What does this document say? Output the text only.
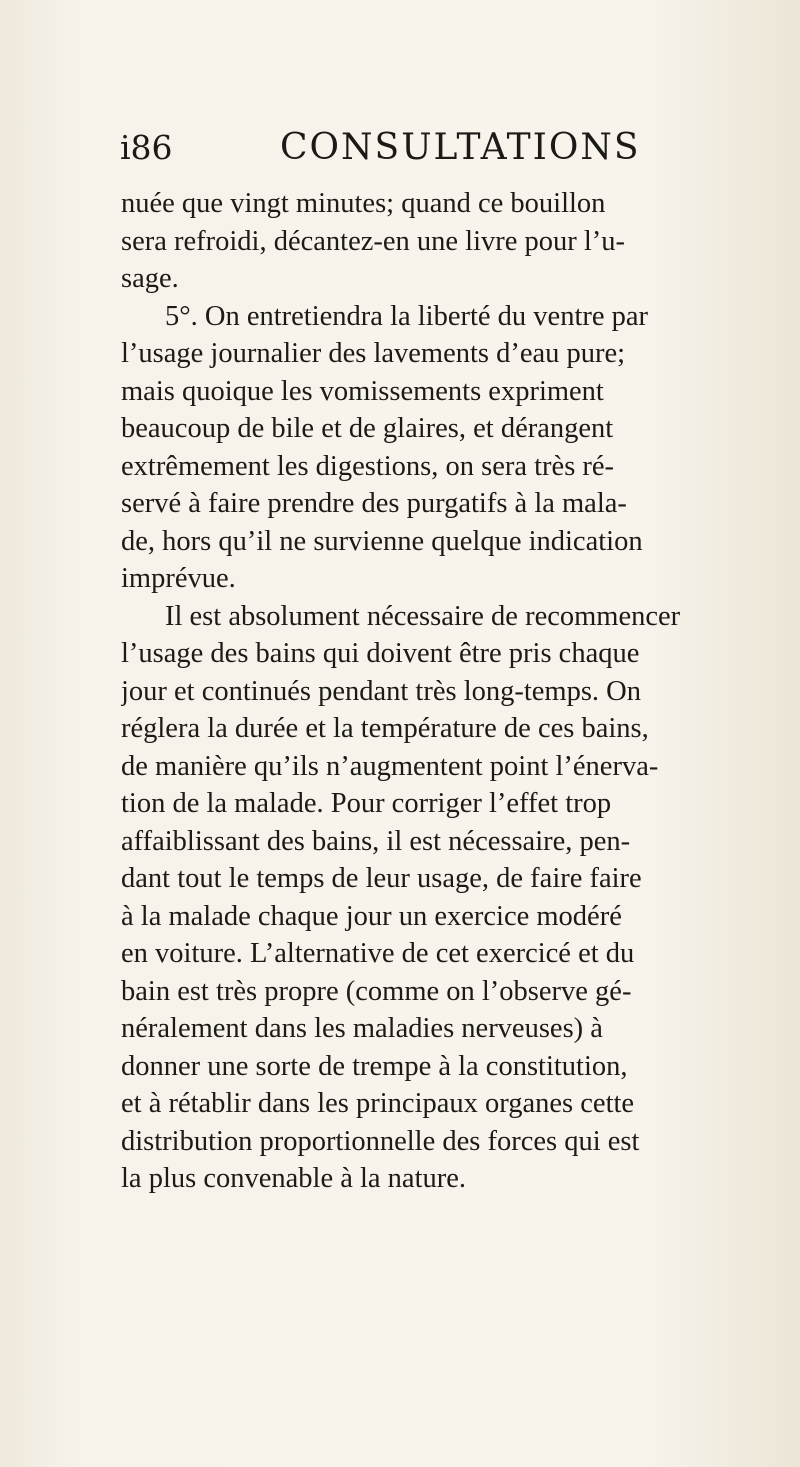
i86	CONSULTATIONS
nuée que vingt minutes; quand ce bouillon
sera refroidi, décantez-en une livre pour l’u-
sage.
5°. On entretiendra la liberté du ventre par
l’usage journalier des lavements d’eau pure;
mais quoique les vomissements expriment
beaucoup de bile et de glaires, et dérangent
extrêmement les digestions, on sera très ré-
servé à faire prendre des purgatifs à la mala-
de, hors qu’il ne survienne quelque indication
imprévue.
Il est absolument nécessaire de recommencer
l’usage des bains qui doivent être pris chaque
jour et continués pendant très long-temps. On
réglera la durée et la température de ces bains,
de manière qu’ils n’augmentent point l’énerva-
tion de la malade. Pour corriger l’effet trop
affaiblissant des bains, il est nécessaire, pen-
dant tout le temps de leur usage, de faire faire
à la malade chaque jour un exercice modéré
en voiture. L’alternative de cet exercicé et du
bain est très propre (comme on l’observe gé-
néralement dans les maladies nerveuses) à
donner une sorte de trempe à la constitution,
et à rétablir dans les principaux organes cette
distribution proportionnelle des forces qui est
la plus convenable à la nature.
